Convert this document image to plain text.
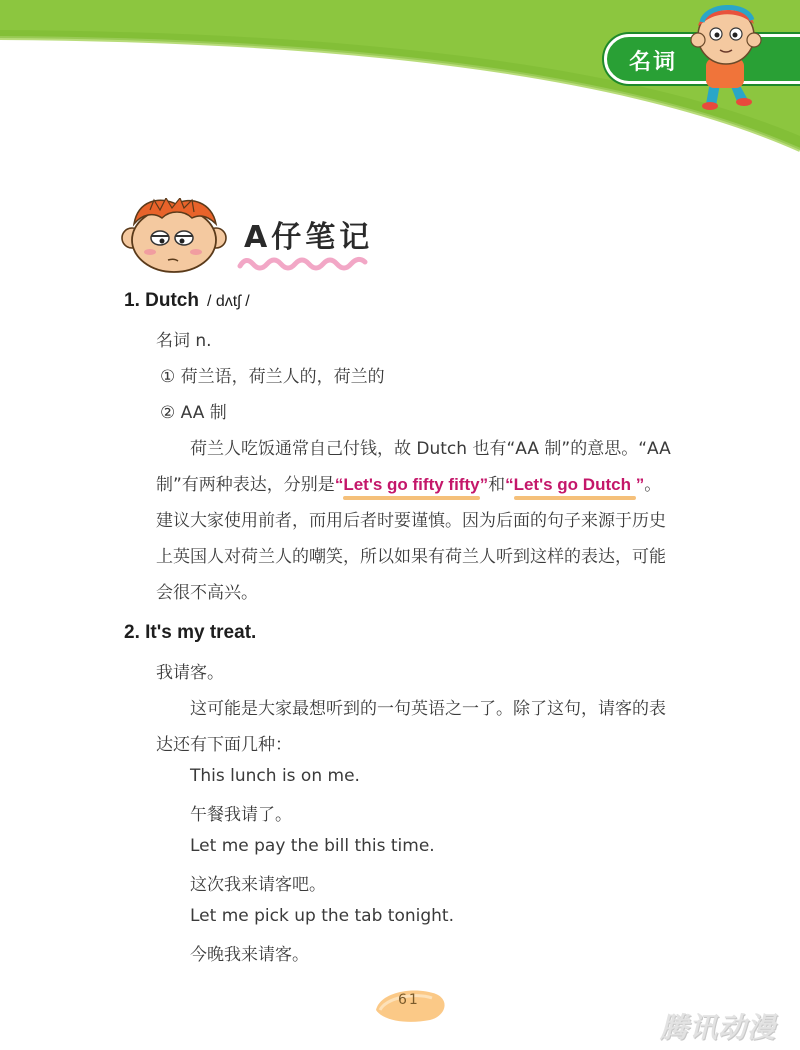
名词
A仔笔记
1. Dutch / dʌtʃ /
名词 n.
① 荷兰语，荷兰人的，荷兰的
② AA 制
荷兰人吃饭通常自己付钱，故 Dutch 也有“AA 制”的意思。“AA
制”有两种表达，分别是“Let's go fifty fifty
”和“Let's go Dutch
”。
建议大家使用前者，而用后者时要谨慎。因为后面的句子来源于历史
上英国人对荷兰人的嘲笑，所以如果有荷兰人听到这样的表达，可能
会很不高兴。
2. It's my treat.
我请客。
这可能是大家最想听到的一句英语之一了。除了这句，请客的表
达还有下面几种：
This lunch is on me.
午餐我请了。
Let me pay the bill this time.
这次我来请客吧。
Let me pick up the tab tonight.
今晚我来请客。
61
腾讯动漫
